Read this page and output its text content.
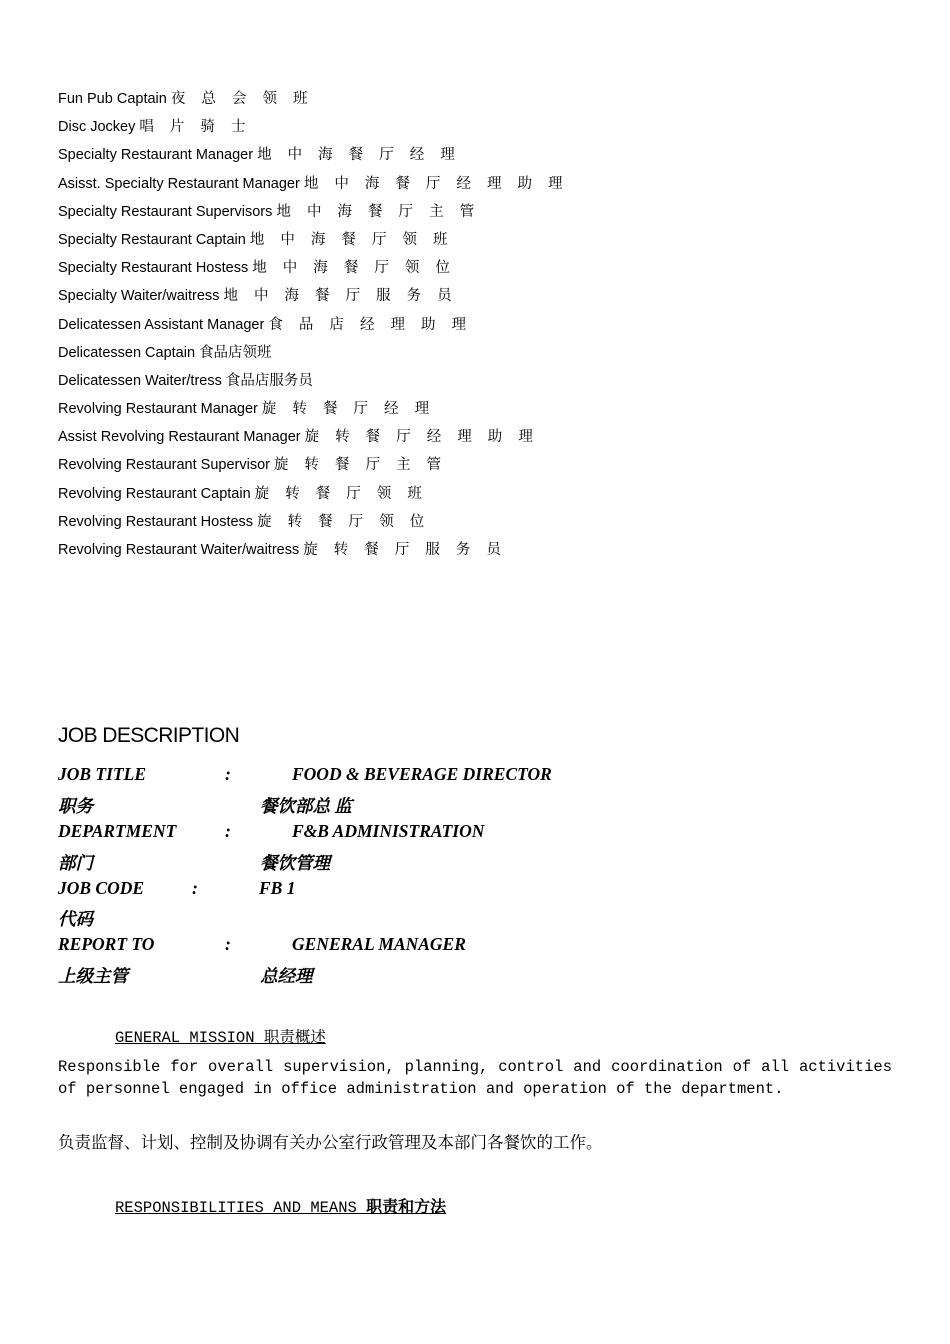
Fun Pub Captain 夜 总 会 领 班
Disc Jockey 唱 片 骑 士
Specialty Restaurant Manager 地 中 海 餐 厅 经 理
Asisst. Specialty Restaurant Manager 地 中 海 餐 厅 经 理 助 理
Specialty Restaurant Supervisors 地 中 海 餐 厅 主 管
Specialty Restaurant Captain 地 中 海 餐 厅 领 班
Specialty Restaurant Hostess 地 中 海 餐 厅 领 位
Specialty Waiter/waitress 地 中 海 餐 厅 服 务 员
Delicatessen Assistant Manager 食 品 店 经 理 助 理
Delicatessen Captain 食品店领班
Delicatessen Waiter/tress 食品店服务员
Revolving Restaurant Manager 旋 转 餐 厅 经 理
Assist Revolving Restaurant Manager 旋 转 餐 厅 经 理 助 理
Revolving Restaurant Supervisor 旋 转 餐 厅 主 管
Revolving Restaurant Captain 旋 转 餐 厅 领 班
Revolving Restaurant Hostess 旋 转 餐 厅 领 位
Revolving Restaurant Waiter/waitress 旋 转 餐 厅 服 务 员
JOB DESCRIPTION
JOB TITLE	:	FOOD & BEVERAGE DIRECTOR
职务	餐饮部总 监
DEPARTMENT	:	F&B ADMINISTRATION
部门	餐饮管理
JOB CODE	:	FB 1
代码
REPORT TO	:	GENERAL MANAGER
上级主管	总经理
GENERAL MISSION 职责概述
Responsible for overall supervision, planning, control and coordination of all activities of personnel engaged in office administration and operation of the department.
负责监督、计划、控制及协调有关办公室行政管理及本部门各餐饮的工作。
RESPONSIBILITIES AND MEANS 职责和方法
